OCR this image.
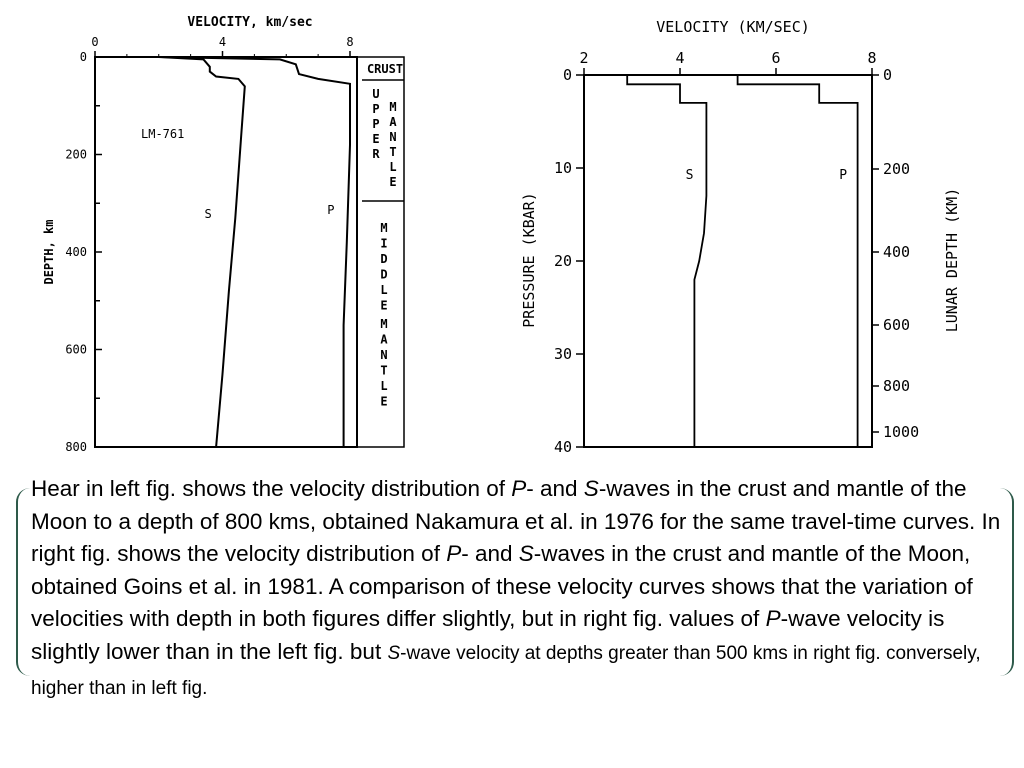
VELOCITY, km/sec
CRUST
LM-761
DEPTH, km
0	4	8
0
200
400
600
800
S	P
U
P
P
E
R
M
A
N
T
L
E
M
I
D
D
L
E
M
A
N
T
L
E
VELOCITY (KM/SEC)
PRESSURE (KBAR)	LUNAR DEPTH (KM)
2	4	6	8
0
10
20
30
40
0
200
400
600
800
1000
S	P

Hear in left fig. shows the velocity distribution of P- and S-waves in the crust and mantle of the Moon to a depth of 800 kms, obtained Nakamura et al. in 1976 for the same travel-time curves. In right fig. shows the velocity distribution of P- and S-waves in the crust and mantle of the Moon, obtained Goins et al. in 1981. A comparison of these velocity curves shows that the variation of velocities with depth in both figures differ slightly, but in right fig. values of P-wave velocity is slightly lower than in the left fig. but S-wave velocity at depths greater than 500 kms in right fig. conversely, higher than in left fig.
